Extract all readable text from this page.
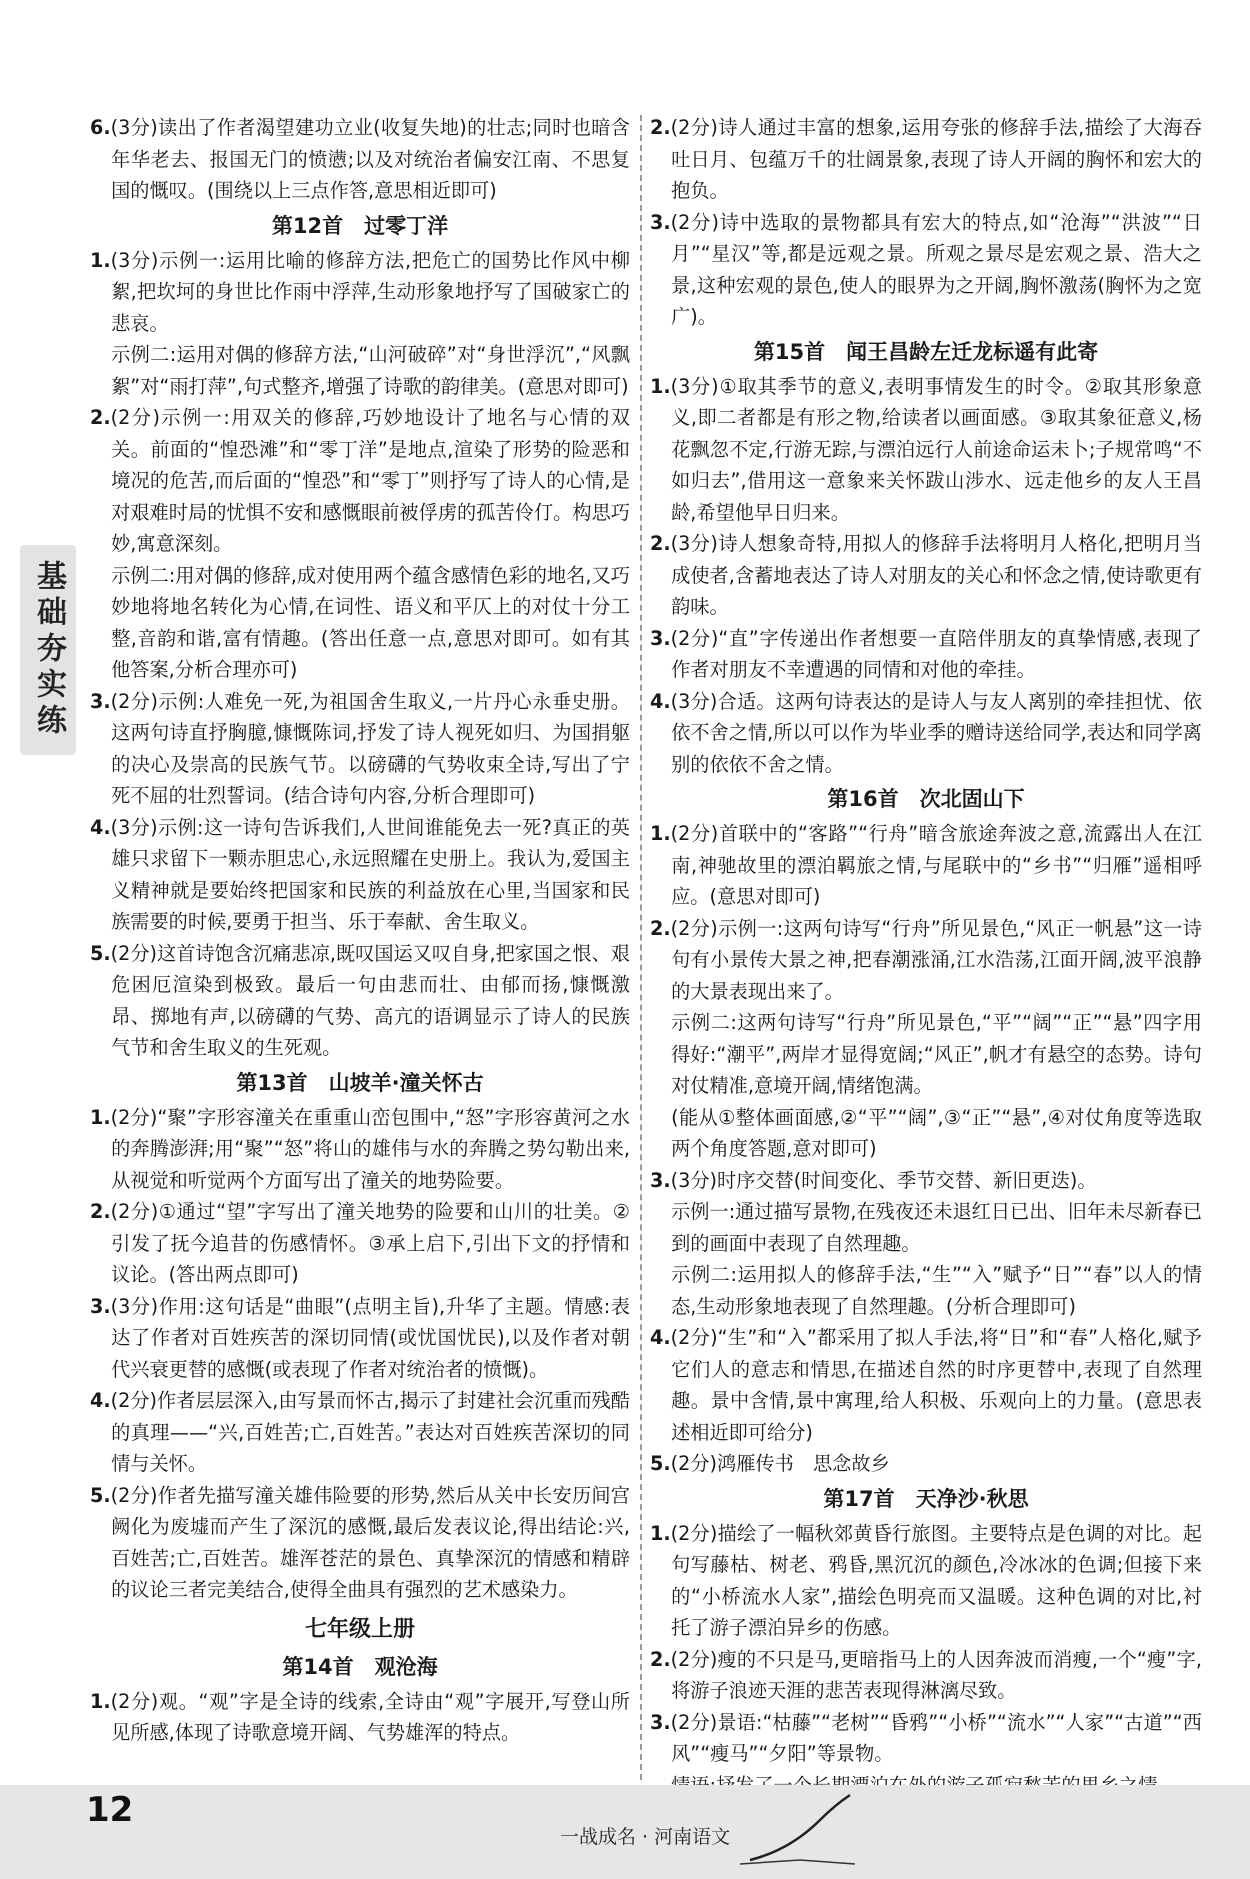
基础夯实练

6.(3分)读出了作者渴望建功立业(收复失地)的壮志;同时也暗含年华老去、报国无门的愤懑;以及对统治者偏安江南、不思复国的慨叹。(围绕以上三点作答,意思相近即可)

第12首　过零丁洋

1.(3分)示例一:运用比喻的修辞方法,把危亡的国势比作风中柳絮,把坎坷的身世比作雨中浮萍,生动形象地抒写了国破家亡的悲哀。

示例二:运用对偶的修辞方法,“山河破碎”对“身世浮沉”,“风飘絮”对“雨打萍”,句式整齐,增强了诗歌的韵律美。(意思对即可)

2.(2分)示例一:用双关的修辞,巧妙地设计了地名与心情的双关。前面的“惶恐滩”和“零丁洋”是地点,渲染了形势的险恶和境况的危苦,而后面的“惶恐”和“零丁”则抒写了诗人的心情,是对艰难时局的忧惧不安和感慨眼前被俘虏的孤苦伶仃。构思巧妙,寓意深刻。

示例二:用对偶的修辞,成对使用两个蕴含感情色彩的地名,又巧妙地将地名转化为心情,在词性、语义和平仄上的对仗十分工整,音韵和谐,富有情趣。(答出任意一点,意思对即可。如有其他答案,分析合理亦可)

3.(2分)示例:人难免一死,为祖国舍生取义,一片丹心永垂史册。这两句诗直抒胸臆,慷慨陈词,抒发了诗人视死如归、为国捐躯的决心及崇高的民族气节。以磅礴的气势收束全诗,写出了宁死不屈的壮烈誓词。(结合诗句内容,分析合理即可)

4.(3分)示例:这一诗句告诉我们,人世间谁能免去一死?真正的英雄只求留下一颗赤胆忠心,永远照耀在史册上。我认为,爱国主义精神就是要始终把国家和民族的利益放在心里,当国家和民族需要的时候,要勇于担当、乐于奉献、舍生取义。

5.(2分)这首诗饱含沉痛悲凉,既叹国运又叹自身,把家国之恨、艰危困厄渲染到极致。最后一句由悲而壮、由郁而扬,慷慨激昂、掷地有声,以磅礴的气势、高亢的语调显示了诗人的民族气节和舍生取义的生死观。

第13首　山坡羊·潼关怀古

1.(2分)“聚”字形容潼关在重重山峦包围中,“怒”字形容黄河之水的奔腾澎湃;用“聚”“怒”将山的雄伟与水的奔腾之势勾勒出来,从视觉和听觉两个方面写出了潼关的地势险要。

2.(2分)①通过“望”字写出了潼关地势的险要和山川的壮美。②引发了抚今追昔的伤感情怀。③承上启下,引出下文的抒情和议论。(答出两点即可)

3.(3分)作用:这句话是“曲眼”(点明主旨),升华了主题。情感:表达了作者对百姓疾苦的深切同情(或忧国忧民),以及作者对朝代兴衰更替的感慨(或表现了作者对统治者的愤慨)。

4.(2分)作者层层深入,由写景而怀古,揭示了封建社会沉重而残酷的真理——“兴,百姓苦;亡,百姓苦。”表达对百姓疾苦深切的同情与关怀。

5.(2分)作者先描写潼关雄伟险要的形势,然后从关中长安历间宫阙化为废墟而产生了深沉的感慨,最后发表议论,得出结论:兴,百姓苦;亡,百姓苦。雄浑苍茫的景色、真挚深沉的情感和精辟的议论三者完美结合,使得全曲具有强烈的艺术感染力。

七年级上册
第14首　观沧海

1.(2分)观。“观”字是全诗的线索,全诗由“观”字展开,写登山所见所感,体现了诗歌意境开阔、气势雄浑的特点。

2.(2分)诗人通过丰富的想象,运用夸张的修辞手法,描绘了大海吞吐日月、包蕴万千的壮阔景象,表现了诗人开阔的胸怀和宏大的抱负。

3.(2分)诗中选取的景物都具有宏大的特点,如“沧海”“洪波”“日月”“星汉”等,都是远观之景。所观之景尽是宏观之景、浩大之景,这种宏观的景色,使人的眼界为之开阔,胸怀激荡(胸怀为之宽广)。

第15首　闻王昌龄左迁龙标遥有此寄

1.(3分)①取其季节的意义,表明事情发生的时令。②取其形象意义,即二者都是有形之物,给读者以画面感。③取其象征意义,杨花飘忽不定,行游无踪,与漂泊远行人前途命运未卜;子规常鸣“不如归去”,借用这一意象来关怀跋山涉水、远走他乡的友人王昌龄,希望他早日归来。

2.(3分)诗人想象奇特,用拟人的修辞手法将明月人格化,把明月当成使者,含蓄地表达了诗人对朋友的关心和怀念之情,使诗歌更有韵味。

3.(2分)“直”字传递出作者想要一直陪伴朋友的真挚情感,表现了作者对朋友不幸遭遇的同情和对他的牵挂。

4.(3分)合适。这两句诗表达的是诗人与友人离别的牵挂担忧、依依不舍之情,所以可以作为毕业季的赠诗送给同学,表达和同学离别的依依不舍之情。

第16首　次北固山下

1.(2分)首联中的“客路”“行舟”暗含旅途奔波之意,流露出人在江南,神驰故里的漂泊羁旅之情,与尾联中的“乡书”“归雁”遥相呼应。(意思对即可)

2.(2分)示例一:这两句诗写“行舟”所见景色,“风正一帆悬”这一诗句有小景传大景之神,把春潮涨涌,江水浩荡,江面开阔,波平浪静的大景表现出来了。

示例二:这两句诗写“行舟”所见景色,“平”“阔”“正”“悬”四字用得好:“潮平”,两岸才显得宽阔;“风正”,帆才有悬空的态势。诗句对仗精准,意境开阔,情绪饱满。

(能从①整体画面感,②“平”“阔”,③“正”“悬”,④对仗角度等选取两个角度答题,意对即可)

3.(3分)时序交替(时间变化、季节交替、新旧更迭)。

示例一:通过描写景物,在残夜还未退红日已出、旧年未尽新春已到的画面中表现了自然理趣。

示例二:运用拟人的修辞手法,“生”“入”赋予“日”“春”以人的情态,生动形象地表现了自然理趣。(分析合理即可)

4.(2分)“生”和“入”都采用了拟人手法,将“日”和“春”人格化,赋予它们人的意志和情思,在描述自然的时序更替中,表现了自然理趣。景中含情,景中寓理,给人积极、乐观向上的力量。(意思表述相近即可给分)

5.(2分)鸿雁传书　思念故乡

第17首　天净沙·秋思

1.(2分)描绘了一幅秋郊黄昏行旅图。主要特点是色调的对比。起句写藤枯、树老、鸦昏,黑沉沉的颜色,冷冰冰的色调;但接下来的“小桥流水人家”,描绘色明亮而又温暖。这种色调的对比,衬托了游子漂泊异乡的伤感。

2.(2分)瘦的不只是马,更暗指马上的人因奔波而消瘦,一个“瘦”字,将游子浪迹天涯的悲苦表现得淋漓尽致。

3.(2分)景语:“枯藤”“老树”“昏鸦”“小桥”“流水”“人家”“古道”“西风”“瘦马”“夕阳”等景物。

12
一战成名 · 河南语文
